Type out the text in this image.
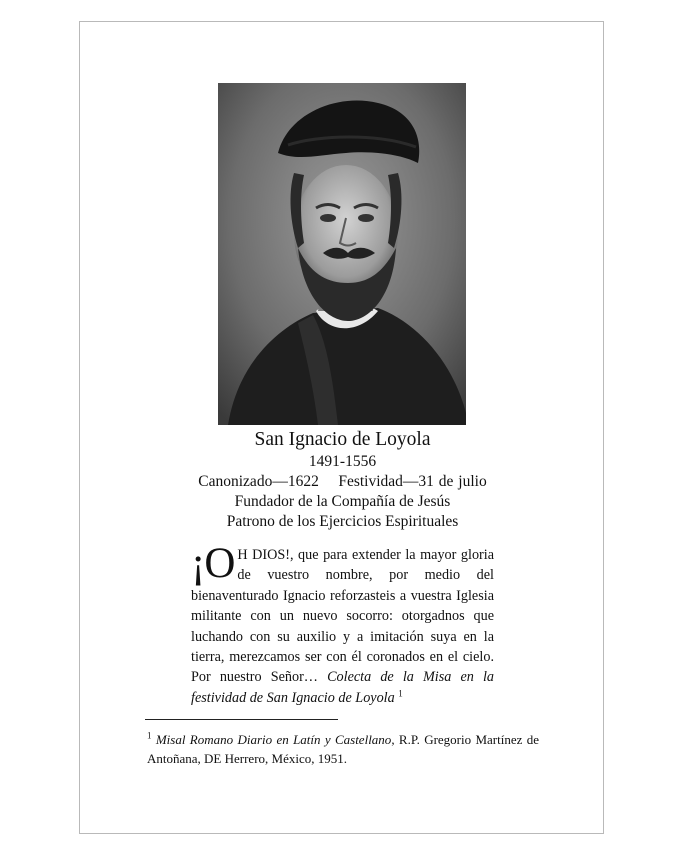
San Ignacio de Loyola
1491-1556
Canonizado—1622 Festividad—31 de julio
Fundador de la Compañía de Jesús
Patrono de los Ejercicios Espirituales
¡O H DIOS!, que para extender la mayor gloria de vuestro nombre, por medio del bienaventurado Ignacio reforzasteis a vuestra Iglesia militante con un nuevo socorro: otorgadnos que luchando con su auxilio y a imitación suya en la tierra, merezcamos ser con él coronados en el cielo. Por nuestro Señor… Colecta de la Misa en la festividad de San Ignacio de Loyola $^1$
$^1$ Misal Romano Diario en Latín y Castellano, R.P. Gregorio Martínez de Antoñana, DE Herrero, México, 1951.
